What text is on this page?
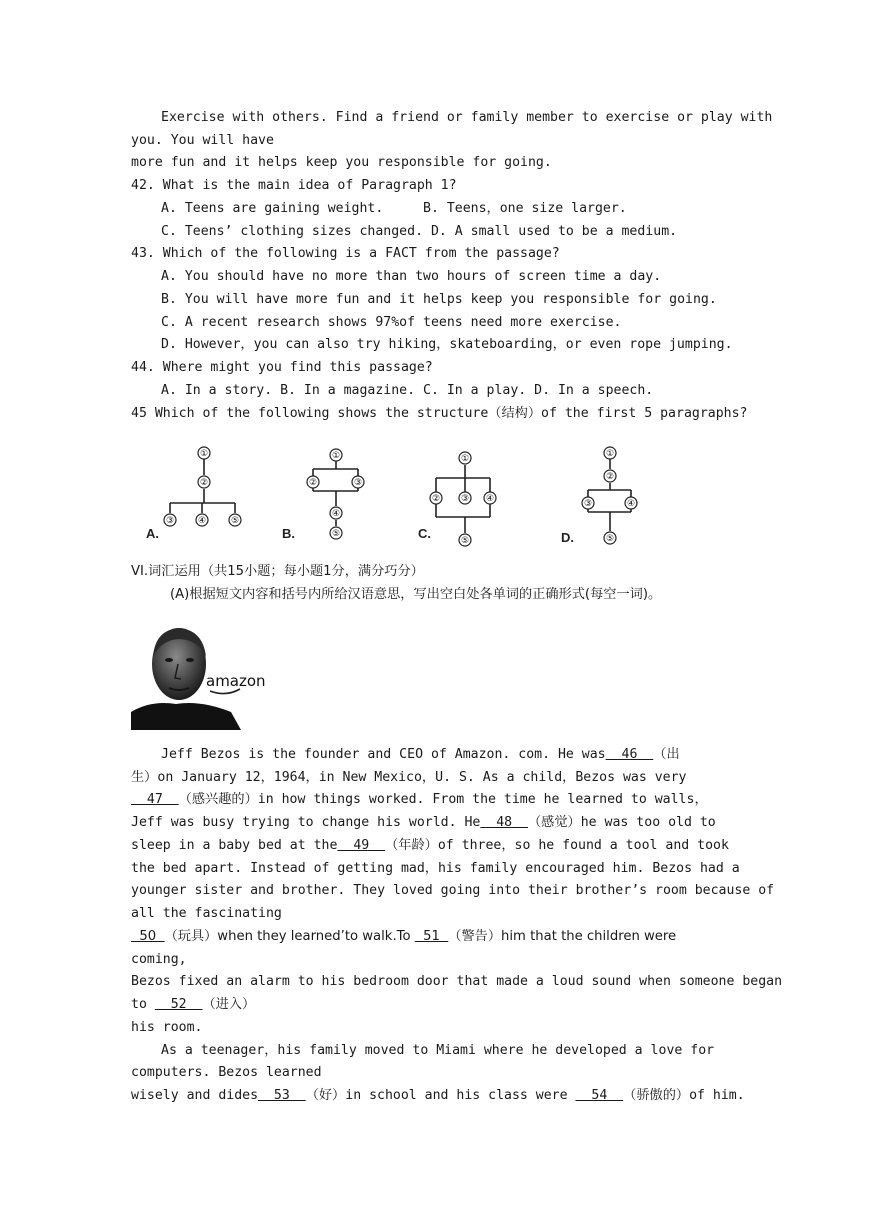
Exercise with others. Find a friend or family member to exercise or play with
you. You will have
more fun and it helps keep you responsible for going.
42. What is the main idea of Paragraph 1?
A. Teens are gaining weight.     B. Teens，one size larger.
C. Teens’ clothing sizes changed. D. A small used to be a medium.
43. Which of the following is a FACT from the passage?
A. You should have no more than two hours of screen time a day.
B. You will have more fun and it helps keep you responsible for going.
C. A recent research shows 97%of teens need more exercise.
D. However，you can also try hiking，skateboarding，or even rope jumping.
44. Where might you find this passage?
A. In a story. B. In a magazine. C. In a play. D. In a speech.
45 Which of the following shows the structure（结构）of the first 5 paragraphs?
A.	B.	C.
①
②
③	④	⑤
①
②	③
④
⑤
①
② ③ ④
⑤	D.
①
②
③	④
⑤
VI.词汇运用（共15小题；每小题1分，满分巧分）
(A)根据短文内容和括号内所给汉语意思，写出空白处各单词的正确形式(每空一词)。
amazon
Jeff Bezos is the founder and CEO of Amazon. com. He was  46  （出
生）on January 12，1964，in New Mexico，U. S. As a child，Bezos was very
47  （感兴趣的）in how things worked. From the time he learned to walls，
Jeff was busy trying to change his world. He  48  （感觉）he was too old to
sleep in a baby bed at the  49  （年龄）of three，so he found a tool and took
the bed apart. Instead of getting mad，his family encouraged him. Bezos had a
younger sister and brother. They loved going into their brother’s room because of
all the fascinating
50  （玩具）when they learned’to walk.To   51  （警告）him that the children were
coming,
Bezos fixed an alarm to his bedroom door that made a loud sound when someone began
to   52  （进入）
his room.
As a teenager，his family moved to Miami where he developed a love for
computers. Bezos learned
wisely and dides  53  （好）in school and his class were   54  （骄傲的）of him.
